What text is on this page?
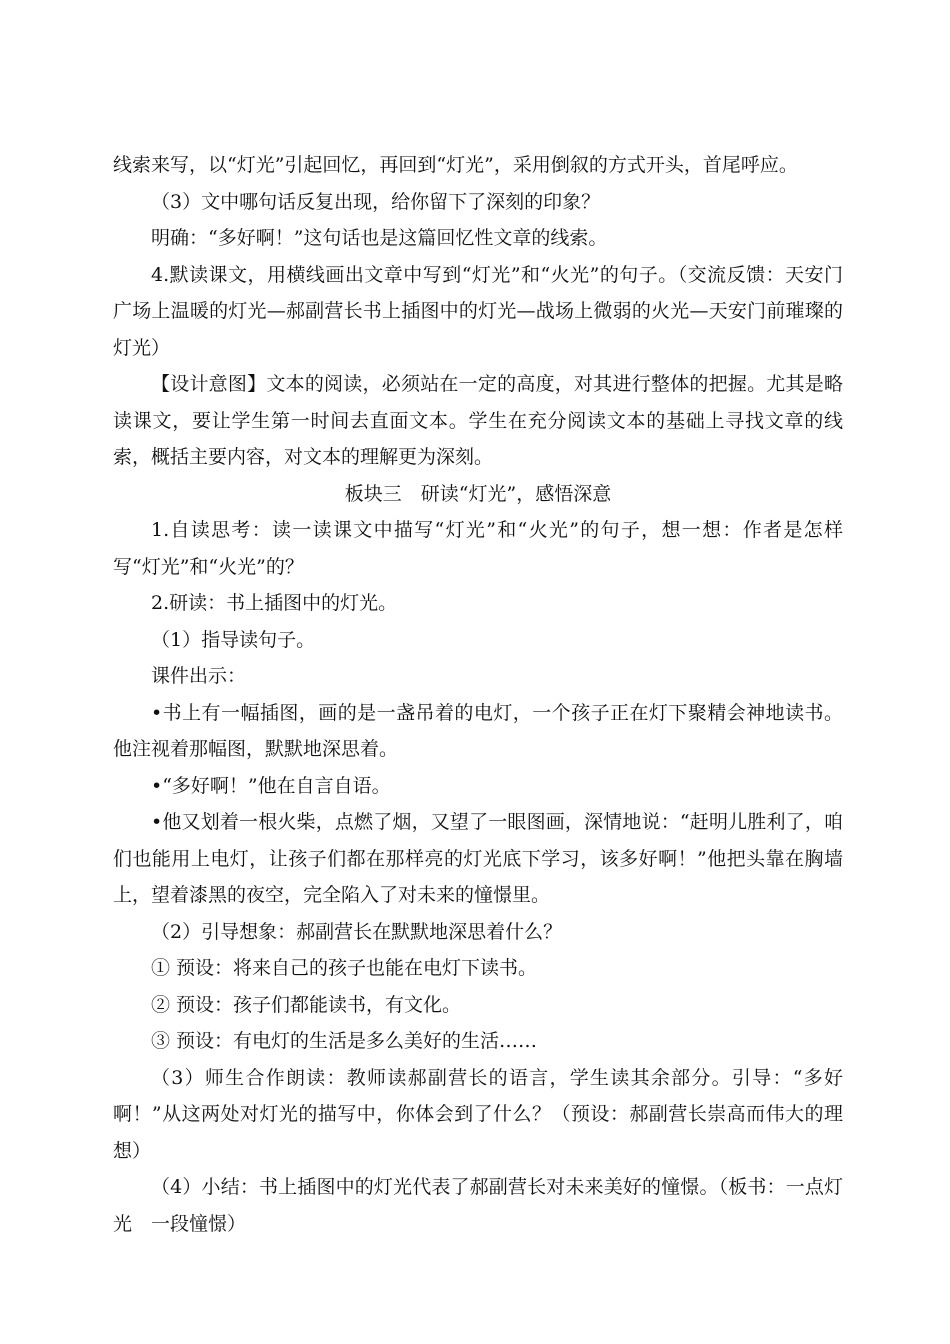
线索来写，以“灯光”引起回忆，再回到“灯光”，采用倒叙的方式开头，首尾呼应。

（3）文中哪句话反复出现，给你留下了深刻的印象？

明确：“多好啊！”这句话也是这篇回忆性文章的线索。

4.默读课文，用横线画出文章中写到“灯光”和“火光”的句子。（交流反馈：天安门广场上温暖的灯光—郝副营长书上插图中的灯光—战场上微弱的火光—天安门前璀璨的灯光）

【设计意图】文本的阅读，必须站在一定的高度，对其进行整体的把握。尤其是略读课文，要让学生第一时间去直面文本。学生在充分阅读文本的基础上寻找文章的线索，概括主要内容，对文本的理解更为深刻。

板块三　研读“灯光”，感悟深意

1.自读思考：读一读课文中描写“灯光”和“火光”的句子，想一想：作者是怎样写“灯光”和“火光”的？

2.研读：书上插图中的灯光。

（1）指导读句子。

课件出示：

•书上有一幅插图，画的是一盏吊着的电灯，一个孩子正在灯下聚精会神地读书。他注视着那幅图，默默地深思着。

•“多好啊！”他在自言自语。

•他又划着一根火柴，点燃了烟，又望了一眼图画，深情地说：“赶明儿胜利了，咱们也能用上电灯，让孩子们都在那样亮的灯光底下学习，该多好啊！”他把头靠在胸墙上，望着漆黑的夜空，完全陷入了对未来的憧憬里。

（2）引导想象：郝副营长在默默地深思着什么？

① 预设：将来自己的孩子也能在电灯下读书。

② 预设：孩子们都能读书，有文化。

③ 预设：有电灯的生活是多么美好的生活……

（3）师生合作朗读：教师读郝副营长的语言，学生读其余部分。引导：“多好啊！”从这两处对灯光的描写中，你体会到了什么？（预设：郝副营长崇高而伟大的理想）

（4）小结：书上插图中的灯光代表了郝副营长对未来美好的憧憬。（板书：一点灯光　一段憧憬）
